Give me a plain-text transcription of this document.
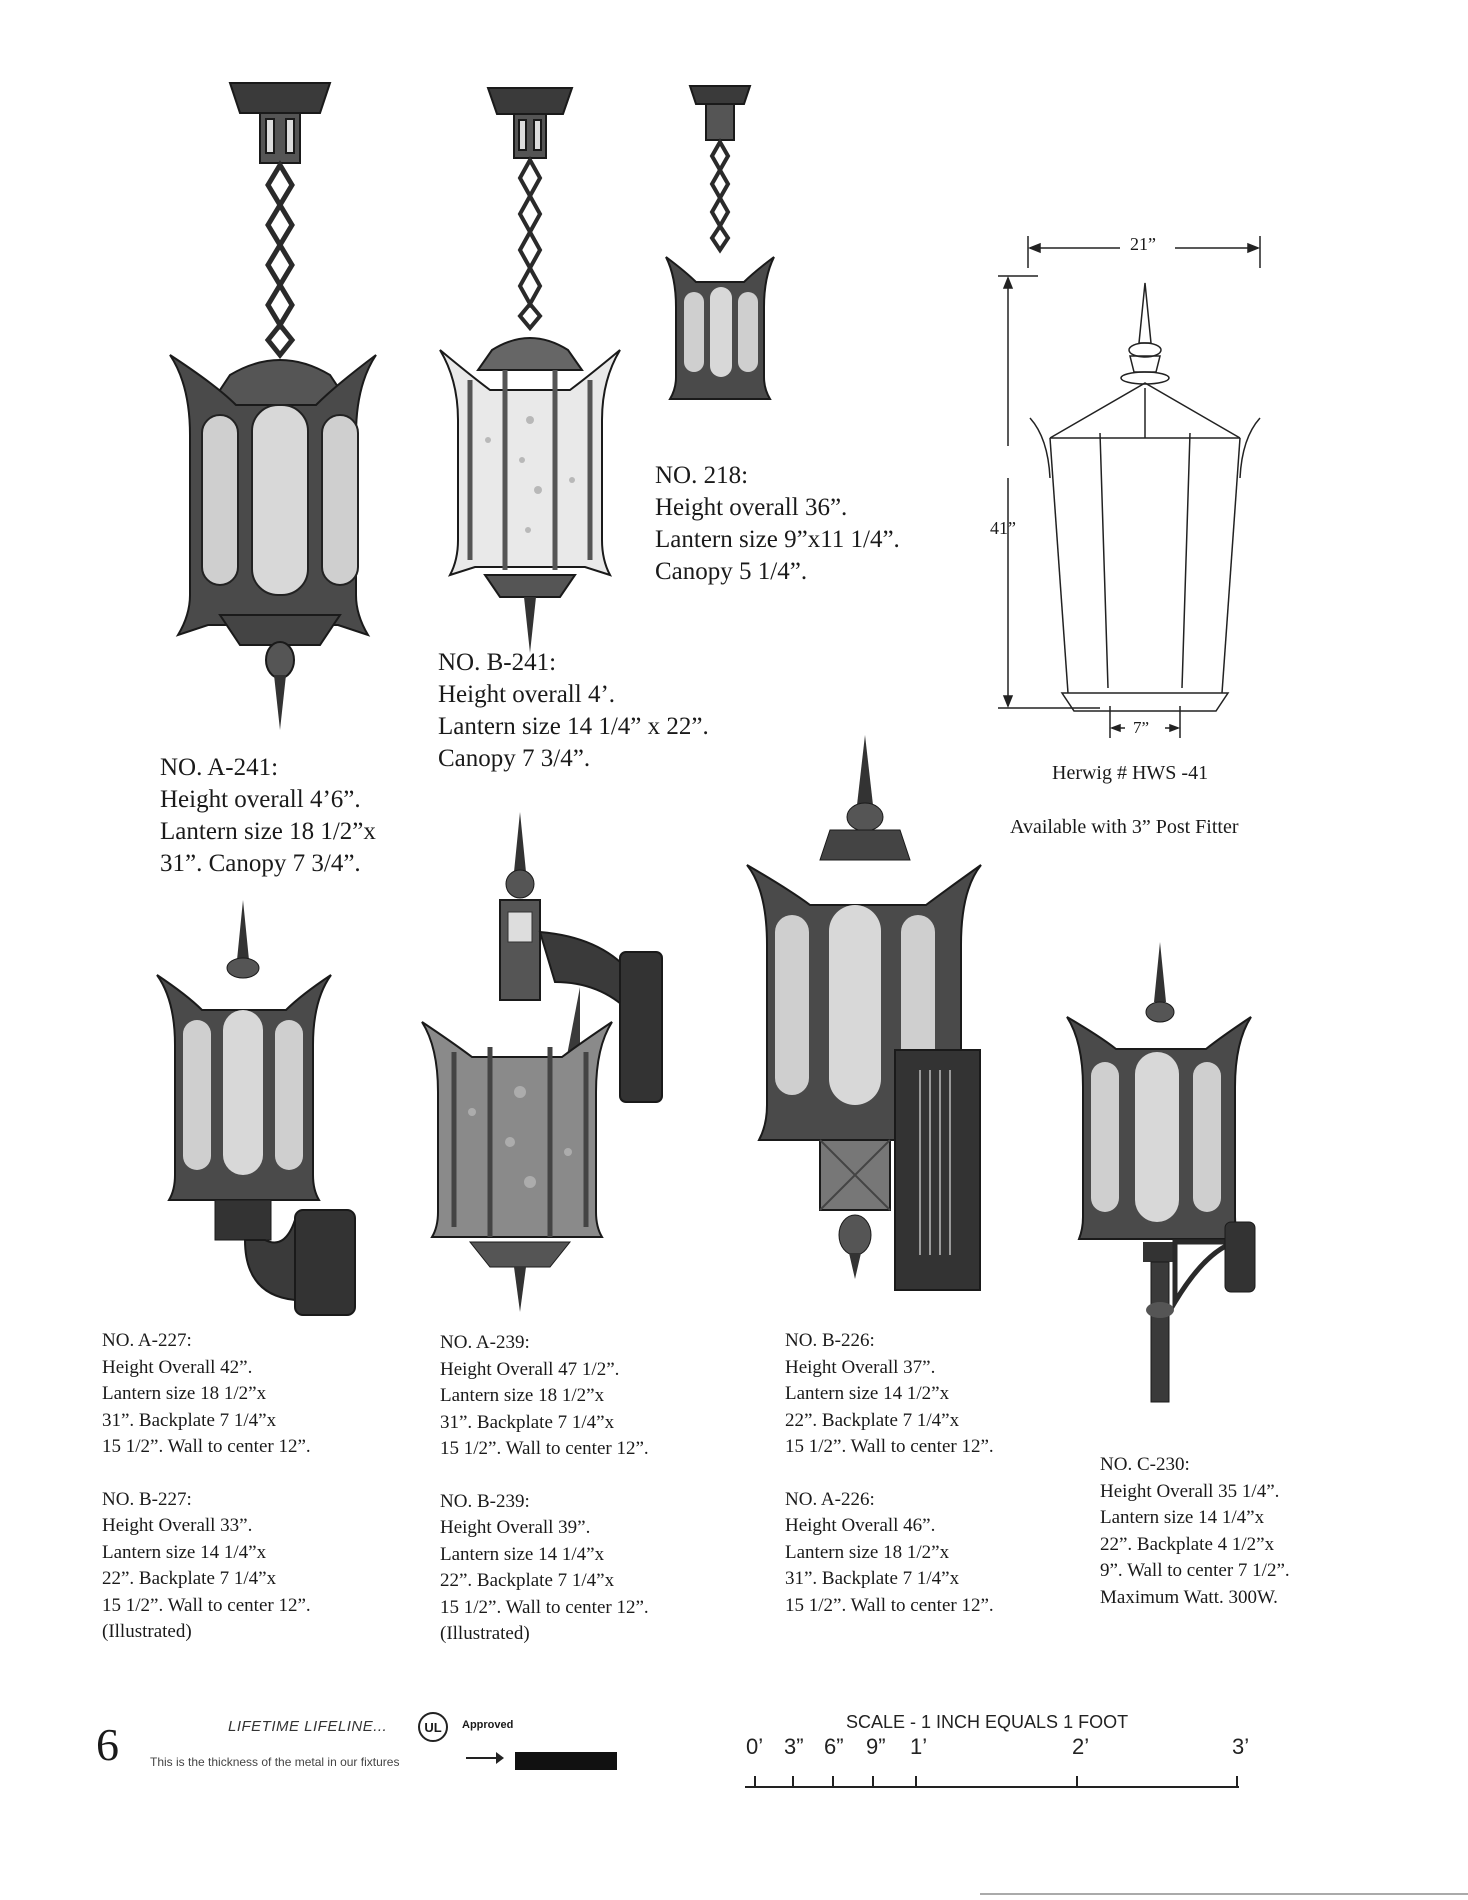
NO. A-241:
Height overall 4’6”.
Lantern size 18 1/2”x
31”. Canopy 7 3/4”.
NO. B-241:
Height overall 4’.
Lantern size 14 1/4” x 22”.
Canopy 7 3/4”.
NO. 218:
Height overall 36”.
Lantern size 9”x11 1/4”.
Canopy 5 1/4”.
21”
41”
7”
Herwig # HWS -41
Available with 3” Post Fitter
NO. A-227:
Height Overall 42”.
Lantern size 18 1/2”x
31”. Backplate 7 1/4”x
15 1/2”. Wall to center 12”.
NO. B-227:
Height Overall 33”.
Lantern size 14 1/4”x
22”. Backplate 7 1/4”x
15 1/2”. Wall to center 12”.
(Illustrated)
NO. A-239:
Height Overall 47 1/2”.
Lantern size 18 1/2”x
31”. Backplate 7 1/4”x
15 1/2”. Wall to center 12”.
NO. B-239:
Height Overall 39”.
Lantern size 14 1/4”x
22”. Backplate 7 1/4”x
15 1/2”. Wall to center 12”.
(Illustrated)
NO. B-226:
Height Overall 37”.
Lantern size 14 1/2”x
22”. Backplate 7 1/4”x
15 1/2”. Wall to center 12”.
NO. A-226:
Height Overall 46”.
Lantern size 18 1/2”x
31”. Backplate 7 1/4”x
15 1/2”. Wall to center 12”.
NO. C-230:
Height Overall 35 1/4”.
Lantern size 14 1/4”x
22”. Backplate 4 1/2”x
9”. Wall to center 7 1/2”.
Maximum Watt. 300W.
6	LIFETIME LIFELINE...	UL	Approved
This is the thickness of the metal in our fixtures
SCALE - 1 INCH EQUALS 1 FOOT
0’ 3” 6” 9” 1’	2’	3’
